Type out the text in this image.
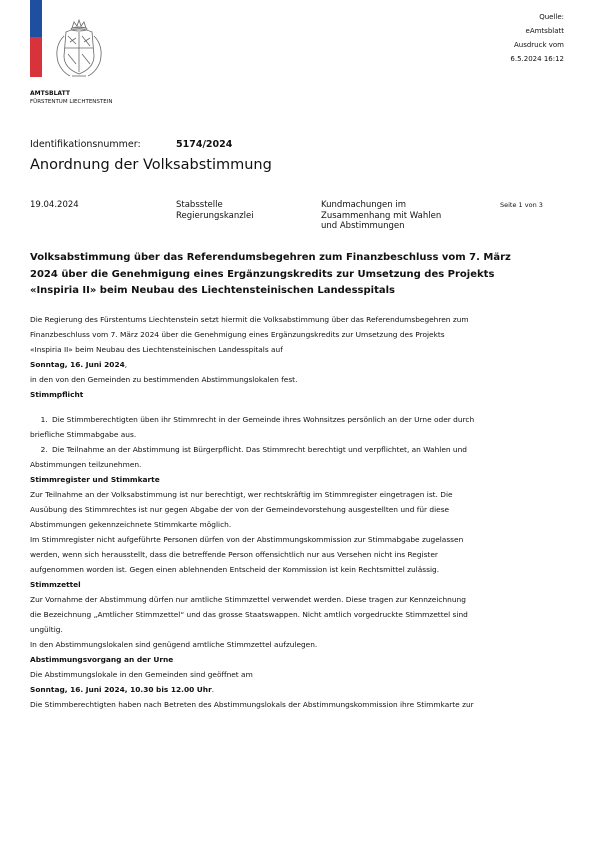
AMTSBLATT
FÜRSTENTUM LIECHTENSTEIN
Quelle:
eAmtsblatt
Ausdruck vom
6.5.2024 16:12
Identifikationsnummer:	5174/2024
Anordnung der Volksabstimmung
19.04.2024	Stabsstelle
Regierungskanzlei
Kundmachungen im
Zusammenhang mit Wahlen
und Abstimmungen
Seite 1 von 3
Volksabstimmung über das Referendumsbegehren zum Finanzbeschluss vom 7. März
2024 über die Genehmigung eines Ergänzungskredits zur Umsetzung des Projekts
«Inspiria II» beim Neubau des Liechtensteinischen Landesspitals

Die Regierung des Fürstentums Liechtenstein setzt hiermit die Volksabstimmung über das Referendumsbegehren zum

Finanzbeschluss vom 7. März 2024 über die Genehmigung eines Ergänzungskredits zur Umsetzung des Projekts

«Inspiria II» beim Neubau des Liechtensteinischen Landesspitals auf

Sonntag, 16. Juni 2024,

in den von den Gemeinden zu bestimmenden Abstimmungslokalen fest.

Stimmpflicht

1. Die Stimmberechtigten üben ihr Stimmrecht in der Gemeinde ihres Wohnsitzes persönlich an der Urne oder durch

briefliche Stimmabgabe aus.

2. Die Teilnahme an der Abstimmung ist Bürgerpflicht. Das Stimmrecht berechtigt und verpflichtet, an Wahlen und

Abstimmungen teilzunehmen.

Stimmregister und Stimmkarte

Zur Teilnahme an der Volksabstimmung ist nur berechtigt, wer rechtskräftig im Stimmregister eingetragen ist. Die

Ausübung des Stimmrechtes ist nur gegen Abgabe der von der Gemeindevorstehung ausgestellten und für diese

Abstimmungen gekennzeichnete Stimmkarte möglich.

Im Stimmregister nicht aufgeführte Personen dürfen von der Abstimmungskommission zur Stimmabgabe zugelassen

werden, wenn sich herausstellt, dass die betreffende Person offensichtlich nur aus Versehen nicht ins Register

aufgenommen worden ist. Gegen einen ablehnenden Entscheid der Kommission ist kein Rechtsmittel zulässig.

Stimmzettel

Zur Vornahme der Abstimmung dürfen nur amtliche Stimmzettel verwendet werden. Diese tragen zur Kennzeichnung

die Bezeichnung „Amtlicher Stimmzettel“ und das grosse Staatswappen. Nicht amtlich vorgedruckte Stimmzettel sind

ungültig.

In den Abstimmungslokalen sind genügend amtliche Stimmzettel aufzulegen.

Abstimmungsvorgang an der Urne

Die Abstimmungslokale in den Gemeinden sind geöffnet am

Sonntag, 16. Juni 2024, 10.30 bis 12.00 Uhr.

Die Stimmberechtigten haben nach Betreten des Abstimmungslokals der Abstimmungskommission ihre Stimmkarte zur
